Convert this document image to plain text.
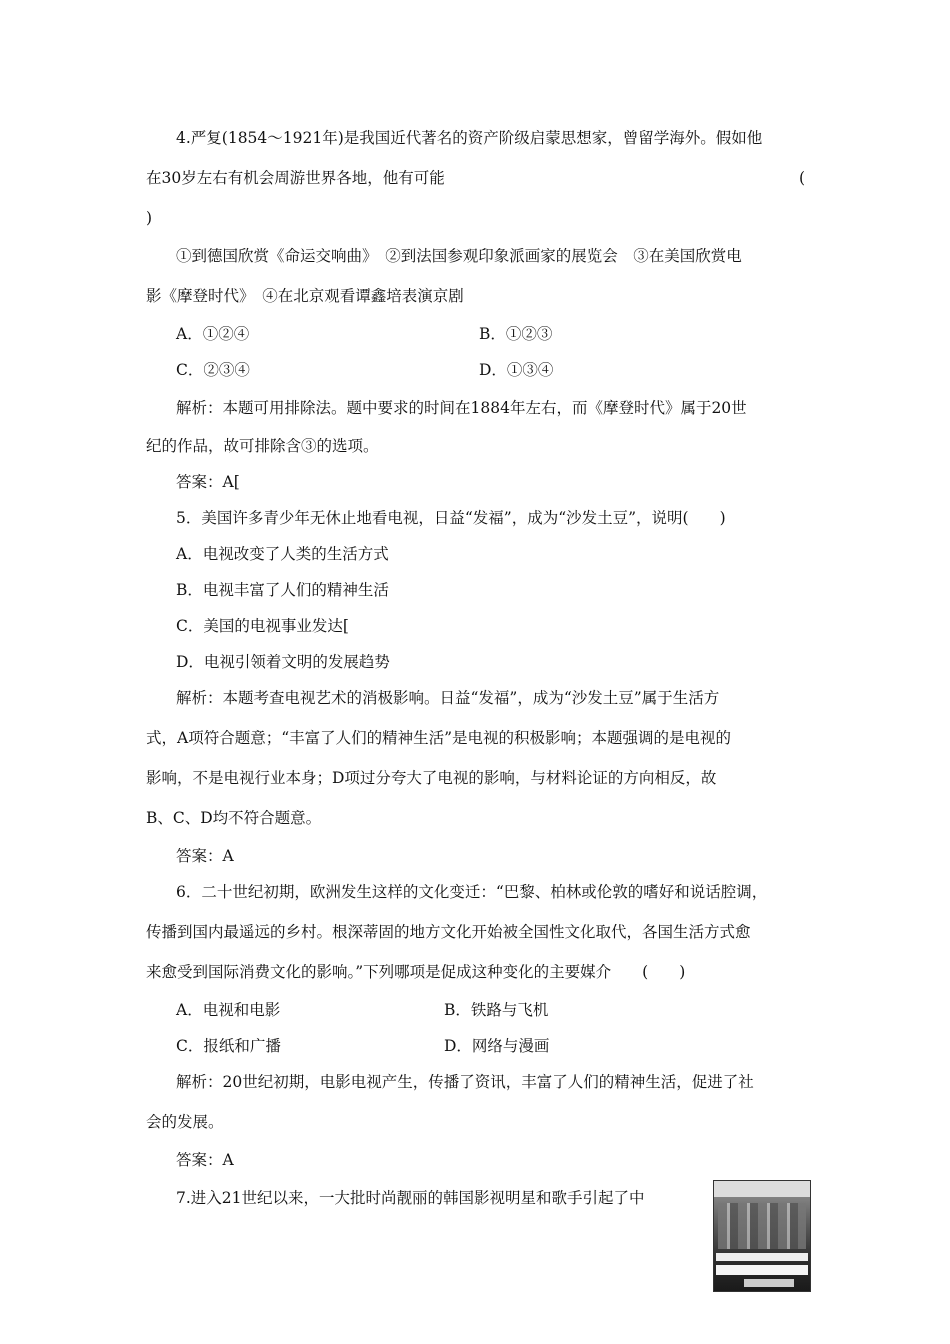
4.严复(1854～1921年)是我国近代著名的资产阶级启蒙思想家，曾留学海外。假如他
在30岁左右有机会周游世界各地，他有可能	(
)
①到德国欣赏《命运交响曲》　②到法国参观印象派画家的展览会　③在美国欣赏电
影《摩登时代》　④在北京观看谭鑫培表演京剧
A．①②④	B．①②③
C．②③④	D．①③④
解析：本题可用排除法。题中要求的时间在1884年左右，而《摩登时代》属于20世
纪的作品，故可排除含③的选项。
答案：A[
5．美国许多青少年无休止地看电视，日益“发福”，成为“沙发土豆”，说明(　　)
A．电视改变了人类的生活方式
B．电视丰富了人们的精神生活
C．美国的电视事业发达[
D．电视引领着文明的发展趋势
解析：本题考查电视艺术的消极影响。日益“发福”，成为“沙发土豆”属于生活方
式，A项符合题意；“丰富了人们的精神生活”是电视的积极影响；本题强调的是电视的
影响，不是电视行业本身；D项过分夸大了电视的影响，与材料论证的方向相反，故
B、C、D均不符合题意。
答案：A
6．二十世纪初期，欧洲发生这样的文化变迁：“巴黎、柏林或伦敦的嗜好和说话腔调，
传播到国内最遥远的乡村。根深蒂固的地方文化开始被全国性文化取代，各国生活方式愈
来愈受到国际消费文化的影响。”下列哪项是促成这种变化的主要媒介　　(　　)
A．电视和电影	B．铁路与飞机
C．报纸和广播	D．网络与漫画
解析：20世纪初期，电影电视产生，传播了资讯，丰富了人们的精神生活，促进了社
会的发展。
答案：A
7.进入21世纪以来，一大批时尚靓丽的韩国影视明星和歌手引起了中
